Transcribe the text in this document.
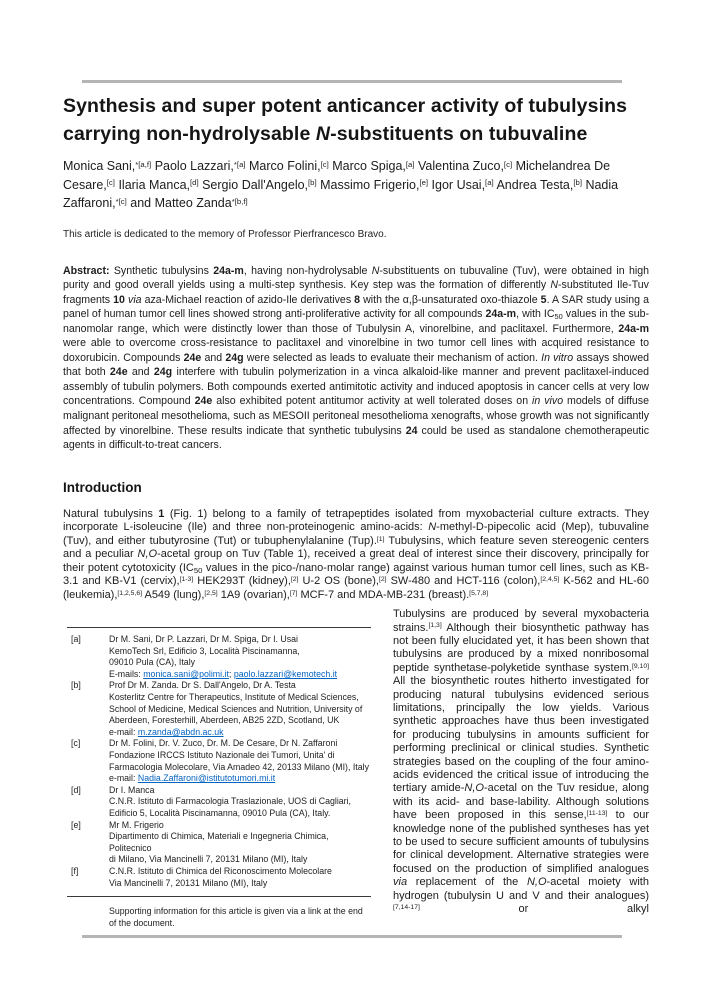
Synthesis and super potent anticancer activity of tubulysins carrying non-hydrolysable N-substituents on tubuvaline

Monica Sani,$^{*[a,f]}$ Paolo Lazzari,$^{*[a]}$ Marco Folini,[c] Marco Spiga,[a] Valentina Zuco,[c] Michelandrea De Cesare,[c] Ilaria Manca,[d] Sergio Dall'Angelo,[b] Massimo Frigerio,[e] Igor Usai,[a] Andrea Testa,[b] Nadia Zaffaroni,$^{*[c]}$ and Matteo Zanda$^{*[b,f]}$

This article is dedicated to the memory of Professor Pierfrancesco Bravo.

Abstract: Synthetic tubulysins 24a-m, having non-hydrolysable N-substituents on tubuvaline (Tuv), were obtained in high purity and good overall yields using a multi-step synthesis. Key step was the formation of differently N-substituted Ile-Tuv fragments 10 via aza-Michael reaction of azido-Ile derivatives 8 with the α,β-unsaturated oxo-thiazole 5. A SAR study using a panel of human tumor cell lines showed strong anti-proliferative activity for all compounds 24a-m, with $IC_{50}$ values in the sub-nanomolar range, which were distinctly lower than those of Tubulysin A, vinorelbine, and paclitaxel. Furthermore, 24a-m were able to overcome cross-resistance to paclitaxel and vinorelbine in two tumor cell lines with acquired resistance to doxorubicin. Compounds 24e and 24g were selected as leads to evaluate their mechanism of action. In vitro assays showed that both 24e and 24g interfere with tubulin polymerization in a vinca alkaloid-like manner and prevent paclitaxel-induced assembly of tubulin polymers. Both compounds exerted antimitotic activity and induced apoptosis in cancer cells at very low concentrations. Compound 24e also exhibited potent antitumor activity at well tolerated doses on in vivo models of diffuse malignant peritoneal mesothelioma, such as MESOII peritoneal mesothelioma xenografts, whose growth was not significantly affected by vinorelbine. These results indicate that synthetic tubulysins 24 could be used as standalone chemotherapeutic agents in difficult-to-treat cancers.

Introduction

Natural tubulysins 1 (Fig. 1) belong to a family of tetrapeptides isolated from myxobacterial culture extracts. They incorporate L-isoleucine (Ile) and three non-proteinogenic amino-acids: N-methyl-D-pipecolic acid (Mep), tubuvaline (Tuv), and either tubutyrosine (Tut) or tubuphenylalanine (Tup).[1] Tubulysins, which feature seven stereogenic centers and a peculiar N,O-acetal group on Tuv (Table 1), received a great deal of interest since their discovery, principally for their potent cytotoxicity ($IC_{50}$ values in the pico-/nano-molar range) against various human tumor cell lines, such as KB-3.1 and KB-V1 (cervix),[1-3] HEK293T (kidney),[2] U-2 OS (bone),[2] SW-480 and HCT-116 (colon),[2,4,5] K-562 and HL-60 (leukemia),[1,2,5,6] A549 (lung),[2,5] 1A9 (ovarian),[7] MCF-7 and MDA-MB-231 (breast).[5,7,8]

[a]	Dr M. Sani, Dr P. Lazzari, Dr M. Spiga, Dr I. Usai
KemoTech Srl, Edificio 3, Località Piscinamanna,
09010 Pula (CA), Italy
E-mails: monica.sani@polimi.it; paolo.lazzari@kemotech.it
[b]	Prof Dr M. Zanda. Dr S. Dall'Angelo, Dr A. Testa
Kosterlitz Centre for Therapeutics, Institute of Medical Sciences,
School of Medicine, Medical Sciences and Nutrition, University of
Aberdeen, Foresterhill, Aberdeen, AB25 2ZD, Scotland, UK
e-mail: m.zanda@abdn.ac.uk
[c]	Dr M. Folini, Dr. V. Zuco, Dr. M. De Cesare, Dr N. Zaffaroni
Fondazione IRCCS Istituto Nazionale dei Tumori, Unita' di
Farmacologia Molecolare, Via Amadeo 42, 20133 Milano (MI), Italy
e-mail: Nadia.Zaffaroni@istitutotumori.mi.it
[d]	Dr I. Manca
C.N.R. Istituto di Farmacologia Traslazionale, UOS di Cagliari,
Edificio 5, Località Piscinamanna, 09010 Pula (CA), Italy.
[e]	Mr M. Frigerio
Dipartimento di Chimica, Materiali e Ingegneria Chimica, Politecnico
di Milano, Via Mancinelli 7, 20131 Milano (MI), Italy
[f]	C.N.R. Istituto di Chimica del Riconoscimento Molecolare
Via Mancinelli 7, 20131 Milano (MI), Italy

Supporting information for this article is given via a link at the end of the document.

Tubulysins are produced by several myxobacteria strains.[1,3] Although their biosynthetic pathway has not been fully elucidated yet, it has been shown that tubulysins are produced by a mixed nonribosomal peptide synthetase-polyketide synthase system.[9,10] All the biosynthetic routes hitherto investigated for producing natural tubulysins evidenced serious limitations, principally the low yields. Various synthetic approaches have thus been investigated for producing tubulysins in amounts sufficient for performing preclinical or clinical studies. Synthetic strategies based on the coupling of the four amino-acids evidenced the critical issue of introducing the tertiary amide-N,O-acetal on the Tuv residue, along with its acid- and base-lability. Although solutions have been proposed in this sense,[11-13] to our knowledge none of the published syntheses has yet to be used to secure sufficient amounts of tubulysins for clinical development. Alternative strategies were focused on the production of simplified analogues via replacement of the N,O-acetal moiety with hydrogen (tubulysin U and V and their analogues)[7,14-17] or alkyl
